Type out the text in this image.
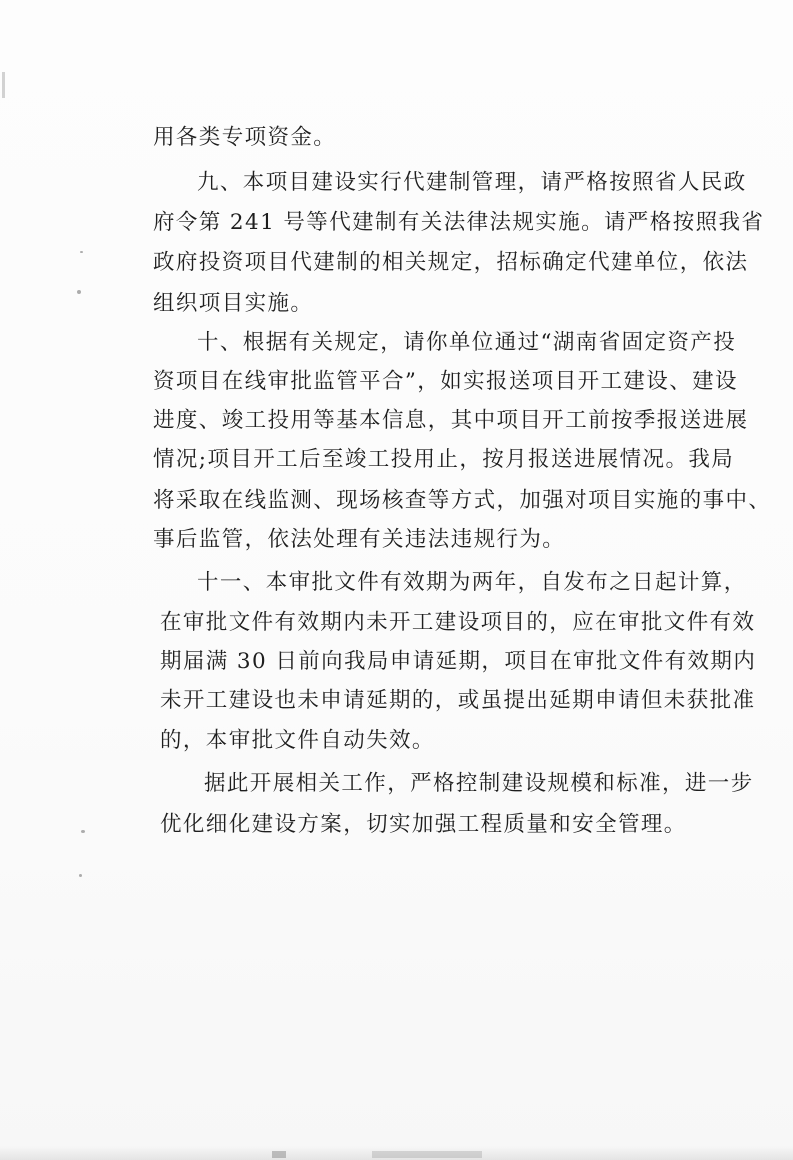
用各类专项资金。
九、本项目建设实行代建制管理，请严格按照省人民政
府令第 241 号等代建制有关法律法规实施。请严格按照我省
政府投资项目代建制的相关规定，招标确定代建单位，依法
组织项目实施。
十、根据有关规定，请你单位通过“湖南省固定资产投
资项目在线审批监管平合”，如实报送项目开工建设、建设
进度、竣工投用等基本信息，其中项目开工前按季报送进展
情况;项目开工后至竣工投用止，按月报送进展情况。我局
将采取在线监测、现场核查等方式，加强对项目实施的事中、
事后监管，依法处理有关违法违规行为。
十一、本审批文件有效期为两年，自发布之日起计算，
在审批文件有效期内未开工建设项目的，应在审批文件有效
期届满 30 日前向我局申请延期，项目在审批文件有效期内
未开工建设也未申请延期的，或虽提出延期申请但未获批准
的，本审批文件自动失效。
据此开展相关工作，严格控制建设规模和标准，进一步
优化细化建设方案，切实加强工程质量和安全管理。
